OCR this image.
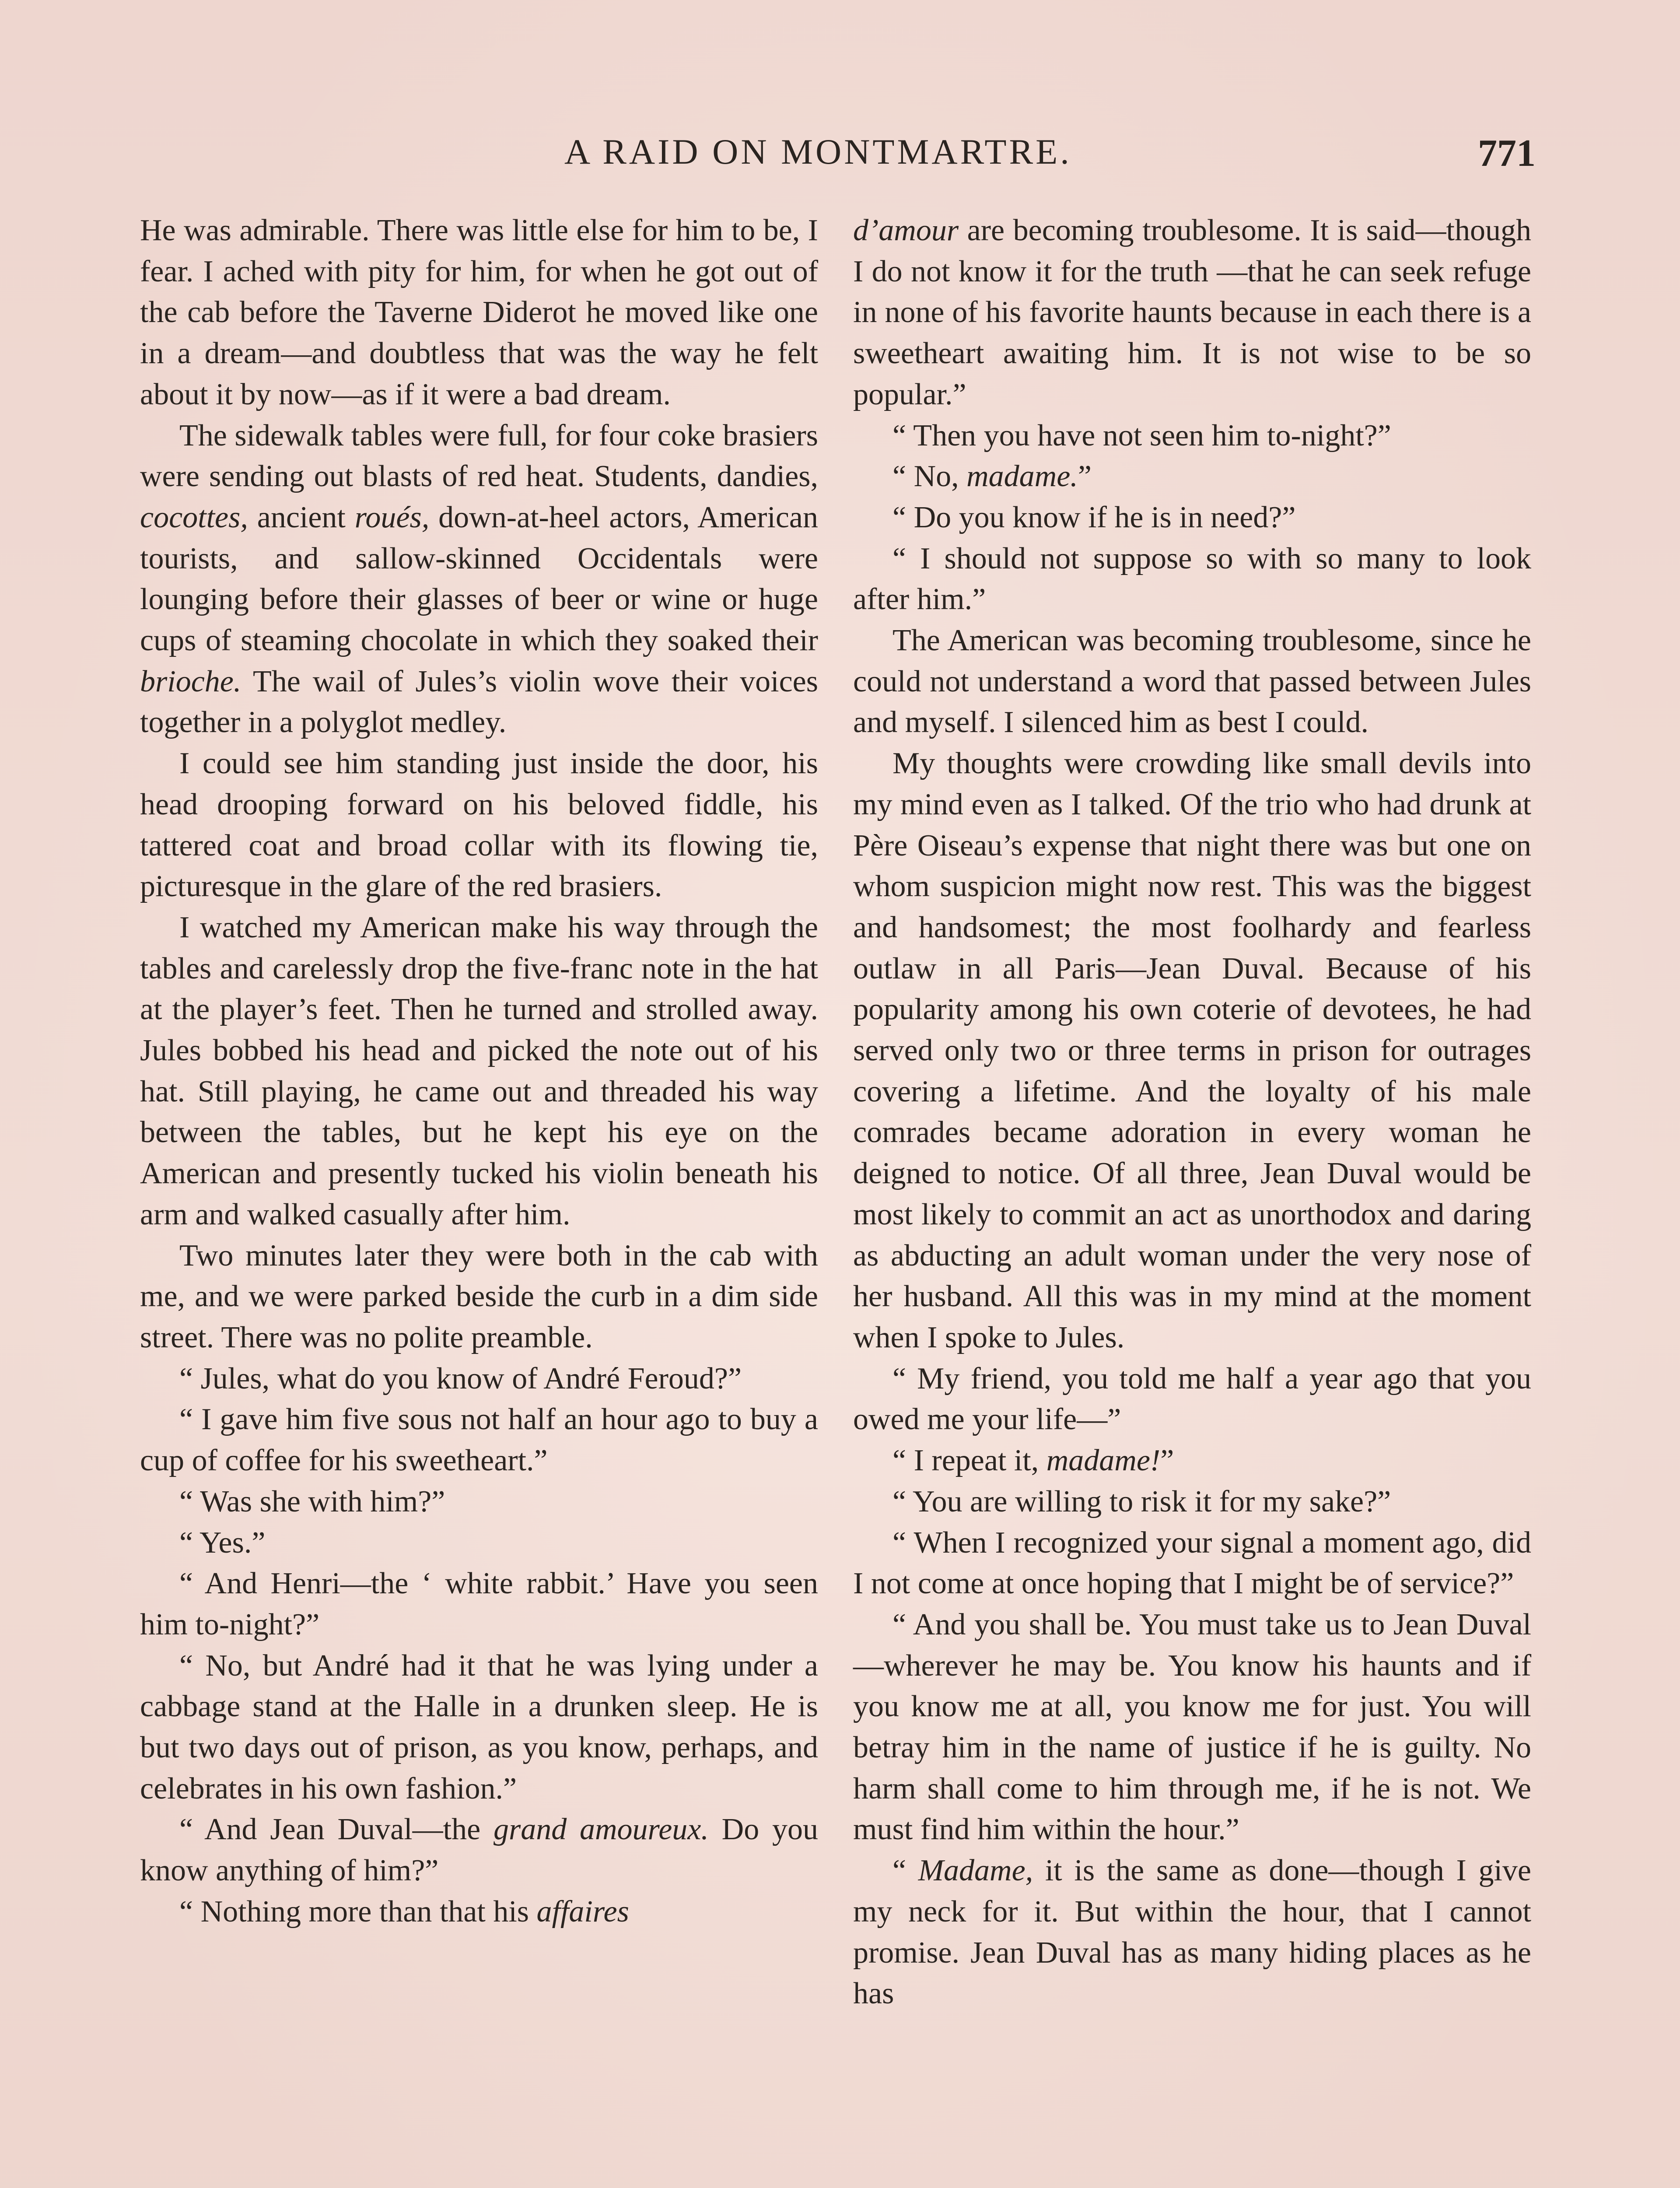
A RAID ON MONTMARTRE.	771

He was admirable. There was little else for him to be, I fear. I ached with pity for him, for when he got out of the cab before the Taverne Diderot he moved like one in a dream—and doubtless that was the way he felt about it by now—as if it were a bad dream.

The sidewalk tables were full, for four coke brasiers were sending out blasts of red heat. Students, dandies, cocottes, ancient roués, down-at-heel actors, American tourists, and sallow-skinned Occidentals were lounging before their glasses of beer or wine or huge cups of steaming chocolate in which they soaked their brioche. The wail of Jules’s violin wove their voices together in a polyglot medley.

I could see him standing just inside the door, his head drooping forward on his beloved fiddle, his tattered coat and broad collar with its flowing tie, picturesque in the glare of the red brasiers.

I watched my American make his way through the tables and carelessly drop the five-franc note in the hat at the player’s feet. Then he turned and strolled away. Jules bobbed his head and picked the note out of his hat. Still playing, he came out and threaded his way between the tables, but he kept his eye on the American and presently tucked his violin beneath his arm and walked casually after him.

Two minutes later they were both in the cab with me, and we were parked beside the curb in a dim side street. There was no polite preamble.

“ Jules, what do you know of André Feroud?”

“ I gave him five sous not half an hour ago to buy a cup of coffee for his sweetheart.”

“ Was she with him?”

“ Yes.”

“ And Henri—the ‘ white rabbit.’ Have you seen him to-night?”

“ No, but André had it that he was lying under a cabbage stand at the Halle in a drunken sleep. He is but two days out of prison, as you know, perhaps, and celebrates in his own fashion.”

“ And Jean Duval—the grand amoureux. Do you know anything of him?”

“ Nothing more than that his affaires

d’amour are becoming troublesome. It is said—though I do not know it for the truth —that he can seek refuge in none of his favorite haunts because in each there is a sweetheart awaiting him. It is not wise to be so popular.”

“ Then you have not seen him to-night?”

“ No, madame.”

“ Do you know if he is in need?”

“ I should not suppose so with so many to look after him.”

The American was becoming troublesome, since he could not understand a word that passed between Jules and myself. I silenced him as best I could.

My thoughts were crowding like small devils into my mind even as I talked. Of the trio who had drunk at Père Oiseau’s expense that night there was but one on whom suspicion might now rest. This was the biggest and handsomest; the most foolhardy and fearless outlaw in all Paris—Jean Duval. Because of his popularity among his own coterie of devotees, he had served only two or three terms in prison for outrages covering a lifetime. And the loyalty of his male comrades became adoration in every woman he deigned to notice. Of all three, Jean Duval would be most likely to commit an act as unorthodox and daring as abducting an adult woman under the very nose of her husband. All this was in my mind at the moment when I spoke to Jules.

“ My friend, you told me half a year ago that you owed me your life—”

“ I repeat it, madame!”

“ You are willing to risk it for my sake?”

“ When I recognized your signal a moment ago, did I not come at once hoping that I might be of service?”

“ And you shall be. You must take us to Jean Duval—wherever he may be. You know his haunts and if you know me at all, you know me for just. You will betray him in the name of justice if he is guilty. No harm shall come to him through me, if he is not. We must find him within the hour.”

“ Madame, it is the same as done—though I give my neck for it. But within the hour, that I cannot promise. Jean Duval has as many hiding places as he has
